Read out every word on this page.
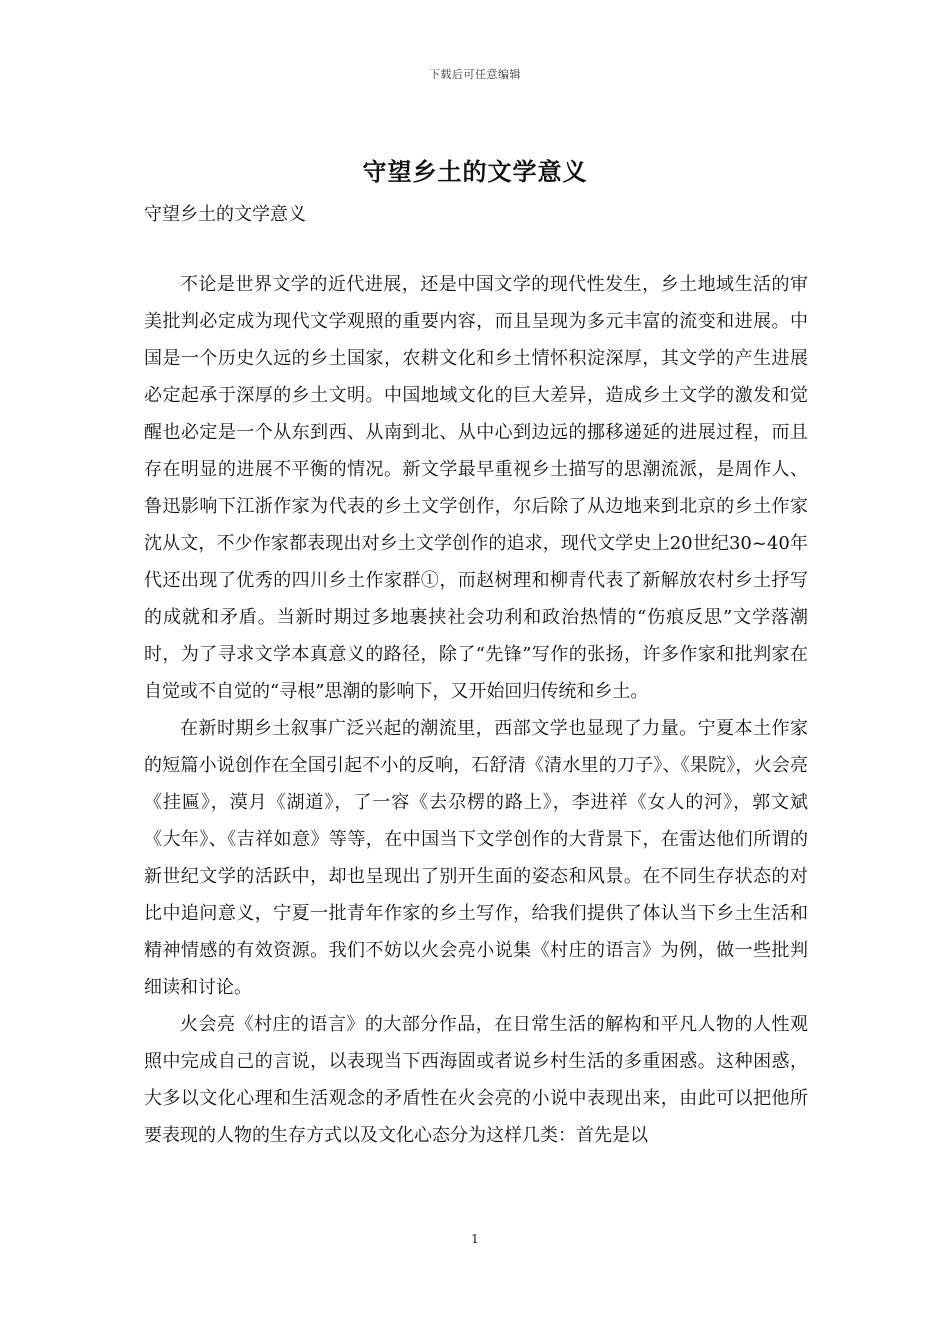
下载后可任意编辑
守望乡土的文学意义

守望乡土的文学意义

不论是世界文学的近代进展，还是中国文学的现代性发生，乡土地域生活的审美批判必定成为现代文学观照的重要内容，而且呈现为多元丰富的流变和进展。中国是一个历史久远的乡土国家，农耕文化和乡土情怀积淀深厚，其文学的产生进展必定起承于深厚的乡土文明。中国地域文化的巨大差异，造成乡土文学的激发和觉醒也必定是一个从东到西、从南到北、从中心到边远的挪移递延的进展过程，而且存在明显的进展不平衡的情况。新文学最早重视乡土描写的思潮流派，是周作人、鲁迅影响下江浙作家为代表的乡土文学创作，尔后除了从边地来到北京的乡土作家沈从文，不少作家都表现出对乡土文学创作的追求，现代文学史上20世纪30~40年代还出现了优秀的四川乡土作家群①，而赵树理和柳青代表了新解放农村乡土抒写的成就和矛盾。当新时期过多地裹挟社会功利和政治热情的“伤痕反思”文学落潮时，为了寻求文学本真意义的路径，除了“先锋”写作的张扬，许多作家和批判家在自觉或不自觉的“寻根”思潮的影响下，又开始回归传统和乡土。

在新时期乡土叙事广泛兴起的潮流里，西部文学也显现了力量。宁夏本土作家的短篇小说创作在全国引起不小的反响，石舒清《清水里的刀子》、《果院》，火会亮《挂匾》，漠月《湖道》，了一容《去尕楞的路上》，李进祥《女人的河》，郭文斌《大年》、《吉祥如意》等等，在中国当下文学创作的大背景下，在雷达他们所谓的新世纪文学的活跃中，却也呈现出了别开生面的姿态和风景。在不同生存状态的对比中追问意义，宁夏一批青年作家的乡土写作，给我们提供了体认当下乡土生活和精神情感的有效资源。我们不妨以火会亮小说集《村庄的语言》为例，做一些批判细读和讨论。

火会亮《村庄的语言》的大部分作品，在日常生活的解构和平凡人物的人性观照中完成自己的言说，以表现当下西海固或者说乡村生活的多重困惑。这种困惑，大多以文化心理和生活观念的矛盾性在火会亮的小说中表现出来，由此可以把他所要表现的人物的生存方式以及文化心态分为这样几类：首先是以

1
